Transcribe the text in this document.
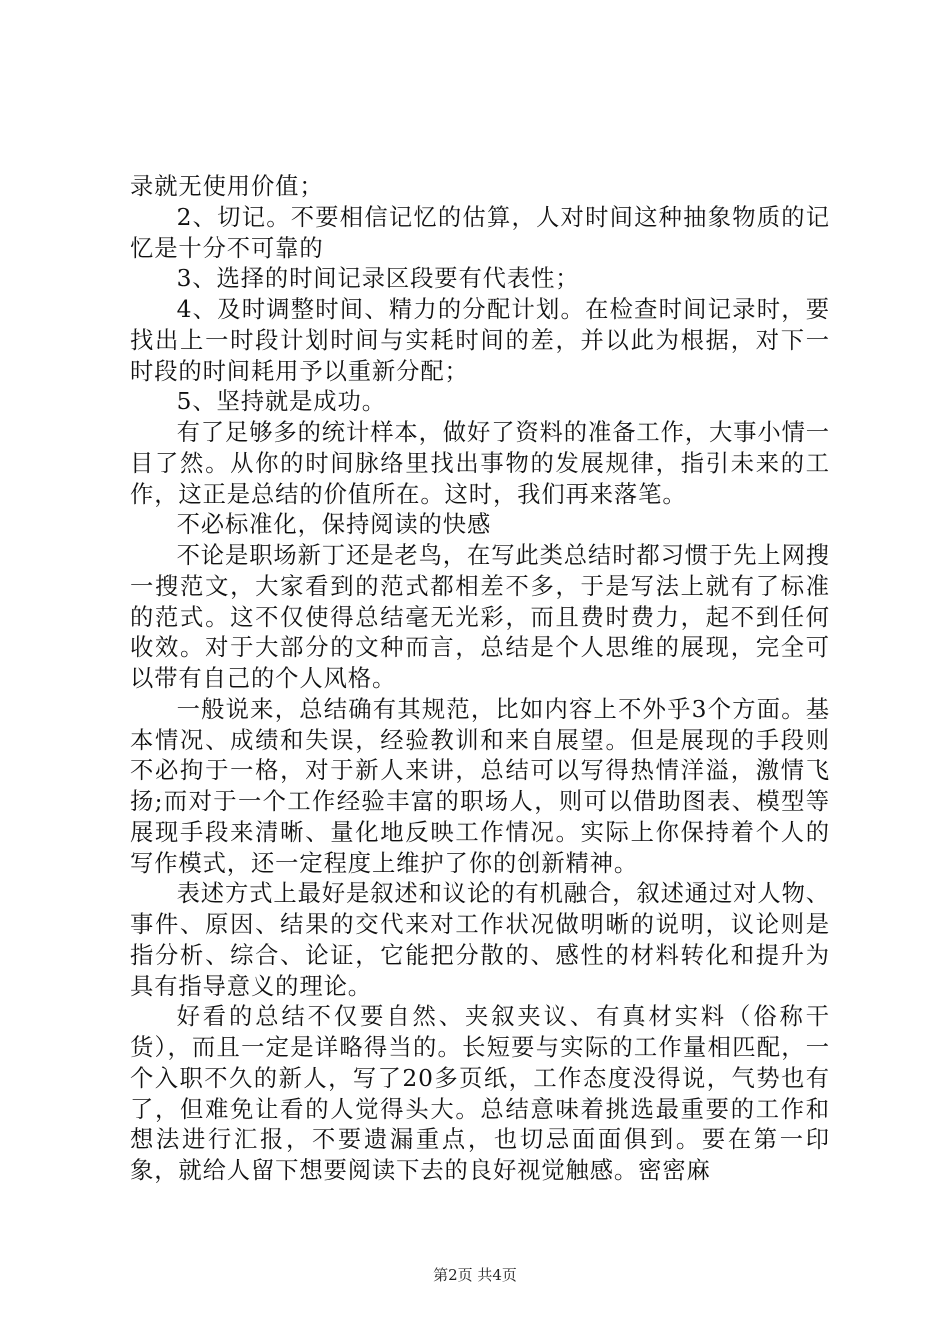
录就无使用价值；

2、切记。不要相信记忆的估算，人对时间这种抽象物质的记忆是十分不可靠的

3、选择的时间记录区段要有代表性；

4、及时调整时间、精力的分配计划。在检查时间记录时，要找出上一时段计划时间与实耗时间的差，并以此为根据，对下一时段的时间耗用予以重新分配；

5、坚持就是成功。

有了足够多的统计样本，做好了资料的准备工作，大事小情一目了然。从你的时间脉络里找出事物的发展规律，指引未来的工作，这正是总结的价值所在。这时，我们再来落笔。

不必标准化，保持阅读的快感

不论是职场新丁还是老鸟，在写此类总结时都习惯于先上网搜一搜范文，大家看到的范式都相差不多，于是写法上就有了标准的范式。这不仅使得总结毫无光彩，而且费时费力，起不到任何收效。对于大部分的文种而言，总结是个人思维的展现，完全可以带有自己的个人风格。

一般说来，总结确有其规范，比如内容上不外乎3个方面。基本情况、成绩和失误，经验教训和来自展望。但是展现的手段则不必拘于一格，对于新人来讲，总结可以写得热情洋溢，激情飞扬;而对于一个工作经验丰富的职场人，则可以借助图表、模型等展现手段来清晰、量化地反映工作情况。实际上你保持着个人的写作模式，还一定程度上维护了你的创新精神。

表述方式上最好是叙述和议论的有机融合，叙述通过对人物、事件、原因、结果的交代来对工作状况做明晰的说明，议论则是指分析、综合、论证，它能把分散的、感性的材料转化和提升为具有指导意义的理论。

好看的总结不仅要自然、夹叙夹议、有真材实料（俗称干货），而且一定是详略得当的。长短要与实际的工作量相匹配，一个入职不久的新人，写了20多页纸，工作态度没得说，气势也有了，但难免让看的人觉得头大。总结意味着挑选最重要的工作和想法进行汇报，不要遗漏重点，也切忌面面俱到。要在第一印象，就给人留下想要阅读下去的良好视觉触感。密密麻

第2页 共4页
